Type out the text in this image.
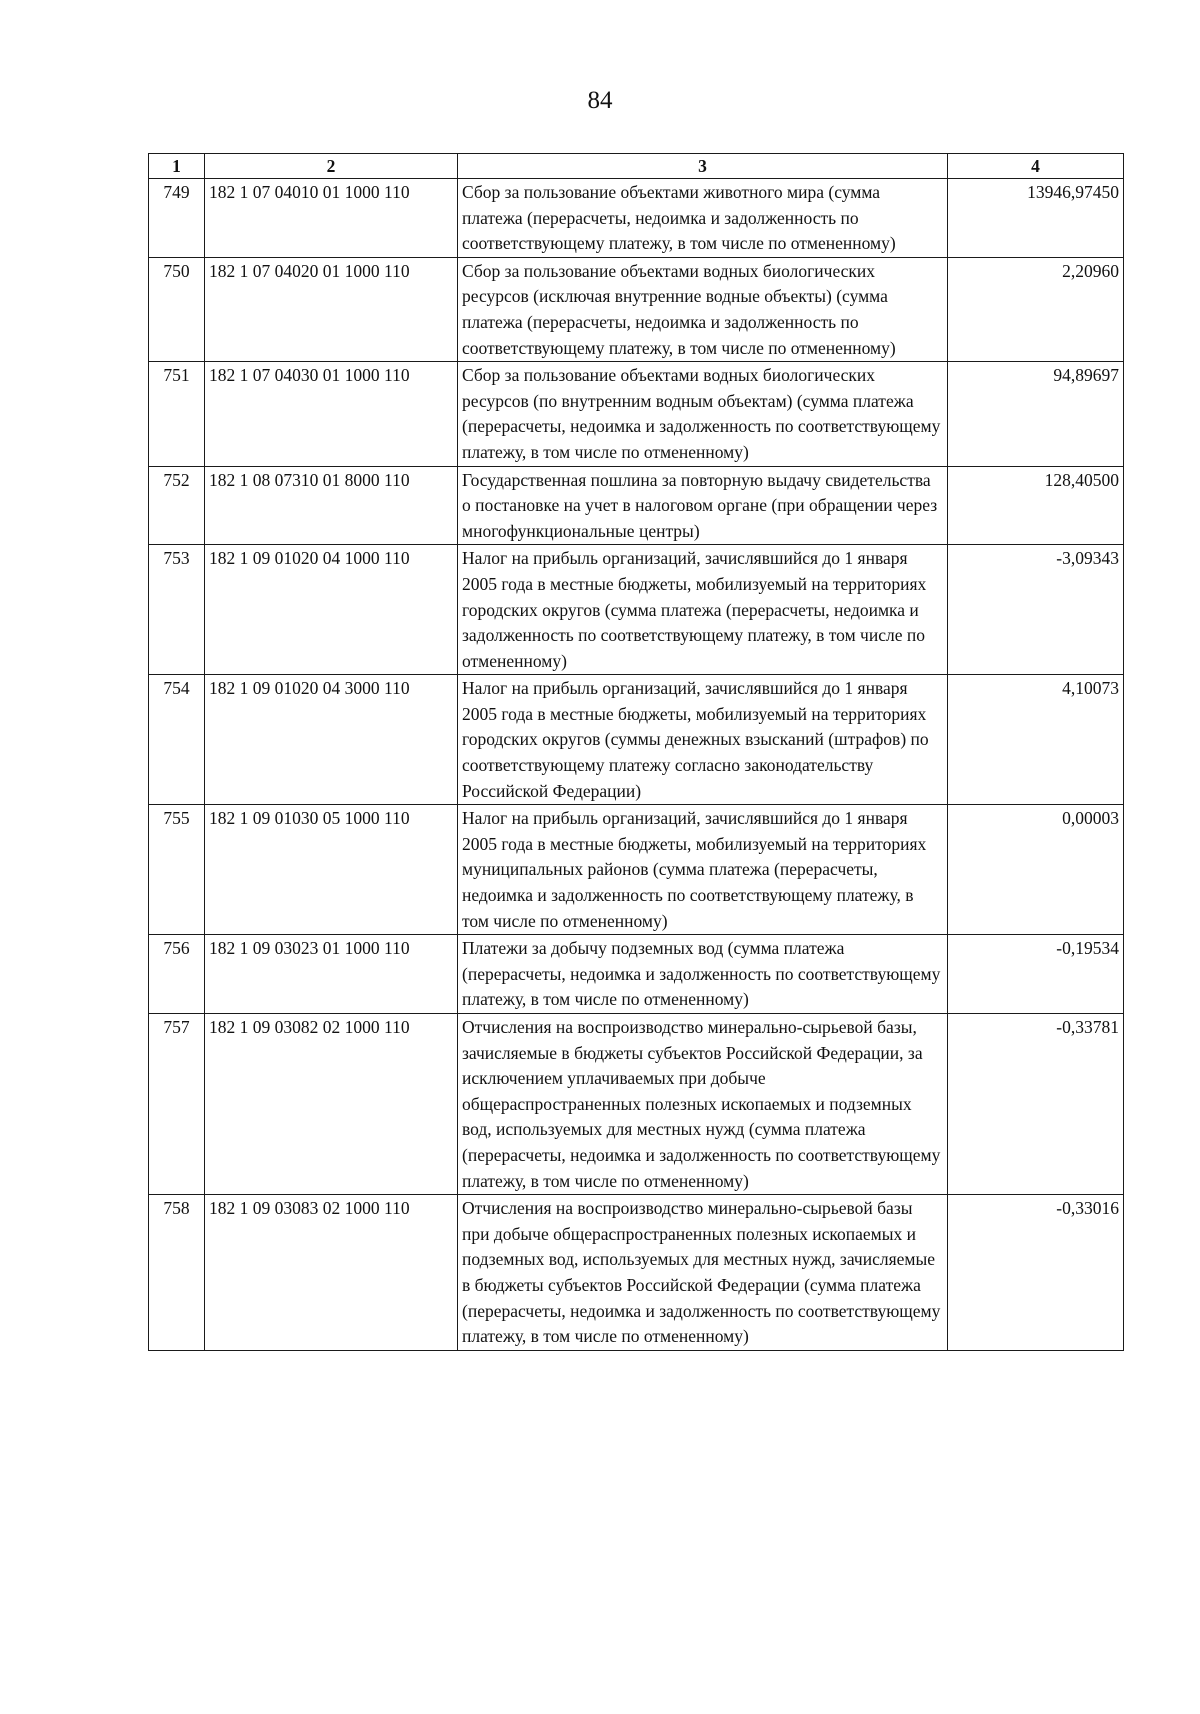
84
1	2	3	4
749	182 1 07 04010 01 1000 110	Сбор за пользование объектами животного мира (сумма платежа (перерасчеты, недоимка и задолженность по соответствующему платежу, в том числе по отмененному)	13946,97450
750	182 1 07 04020 01 1000 110	Сбор за пользование объектами водных биологических ресурсов (исключая внутренние водные объекты) (сумма платежа (перерасчеты, недоимка и задолженность по соответствующему платежу, в том числе по отмененному)	2,20960
751	182 1 07 04030 01 1000 110	Сбор за пользование объектами водных биологических ресурсов (по внутренним водным объектам) (сумма платежа (перерасчеты, недоимка и задолженность по соответствующему платежу, в том числе по отмененному)	94,89697
752	182 1 08 07310 01 8000 110	Государственная пошлина за повторную выдачу свидетельства о постановке на учет в налоговом органе (при обращении через многофункциональные центры)	128,40500
753	182 1 09 01020 04 1000 110	Налог на прибыль организаций, зачислявшийся до 1 января 2005 года в местные бюджеты, мобилизуемый на территориях городских округов (сумма платежа (перерасчеты, недоимка и задолженность по соответствующему платежу, в том числе по отмененному)	-3,09343
754	182 1 09 01020 04 3000 110	Налог на прибыль организаций, зачислявшийся до 1 января 2005 года в местные бюджеты, мобилизуемый на территориях городских округов (суммы денежных взысканий (штрафов) по соответствующему платежу согласно законодательству Российской Федерации)	4,10073
755	182 1 09 01030 05 1000 110	Налог на прибыль организаций, зачислявшийся до 1 января 2005 года в местные бюджеты, мобилизуемый на территориях муниципальных районов (сумма платежа (перерасчеты, недоимка и задолженность по соответствующему платежу, в том числе по отмененному)	0,00003
756	182 1 09 03023 01 1000 110	Платежи за добычу подземных вод (сумма платежа (перерасчеты, недоимка и задолженность по соответствующему платежу, в том числе по отмененному)	-0,19534
757	182 1 09 03082 02 1000 110	Отчисления на воспроизводство минерально-сырьевой базы, зачисляемые в бюджеты субъектов Российской Федерации, за исключением уплачиваемых при добыче общераспространенных полезных ископаемых и подземных вод, используемых для местных нужд (сумма платежа (перерасчеты, недоимка и задолженность по соответствующему платежу, в том числе по отмененному)	-0,33781
758	182 1 09 03083 02 1000 110	Отчисления на воспроизводство минерально-сырьевой базы при добыче общераспространенных полезных ископаемых и подземных вод, используемых для местных нужд, зачисляемые в бюджеты субъектов Российской Федерации (сумма платежа (перерасчеты, недоимка и задолженность по соответствующему платежу, в том числе по отмененному)	-0,33016
